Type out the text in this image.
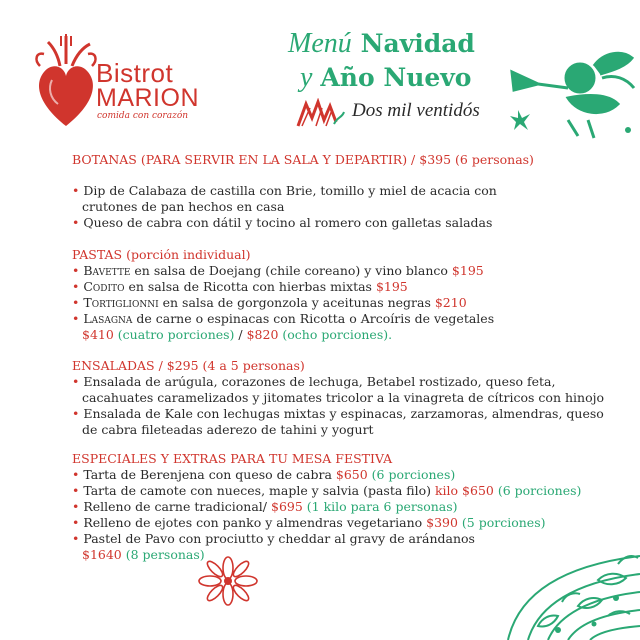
Bistrot
MARION
comida con corazón
Menú Navidad
y Año Nuevo
Dos mil ventidós
BOTANAS (PARA SERVIR EN LA SALA Y DEPARTIR) / $395 (6 personas)
• Dip de Calabaza de castilla con Brie, tomillo y miel de acacia con
crutones de pan hechos en casa
• Queso de cabra con dátil y tocino al romero con galletas saladas
PASTAS (porción individual)
• Bavette en salsa de Doejang (chile coreano) y vino blanco $195
• Codito en salsa de Ricotta con hierbas mixtas $195
• Tortiglionni en salsa de gorgonzola y aceitunas negras $210
• Lasagna de carne o espinacas con Ricotta o Arcoíris de vegetales
$410 (cuatro porciones) / $820 (ocho porciones).
ENSALADAS / $295 (4 a 5 personas)
• Ensalada de arúgula, corazones de lechuga, Betabel rostizado, queso feta,
cacahuates caramelizados y jitomates tricolor a la vinagreta de cítricos con hinojo
• Ensalada de Kale con lechugas mixtas y espinacas, zarzamoras, almendras, queso
de cabra fileteadas aderezo de tahini y yogurt
ESPECIALES Y EXTRAS PARA TU MESA FESTIVA
• Tarta de Berenjena con queso de cabra $650 (6 porciones)
• Tarta de camote con nueces, maple y salvia (pasta filo) kilo $650 (6 porciones)
• Relleno de carne tradicional/ $695 (1 kilo para 6 personas)
• Relleno de ejotes con panko y almendras vegetariano $390 (5 porciones)
• Pastel de Pavo con prociutto y cheddar al gravy de arándanos
$1640 (8 personas)
